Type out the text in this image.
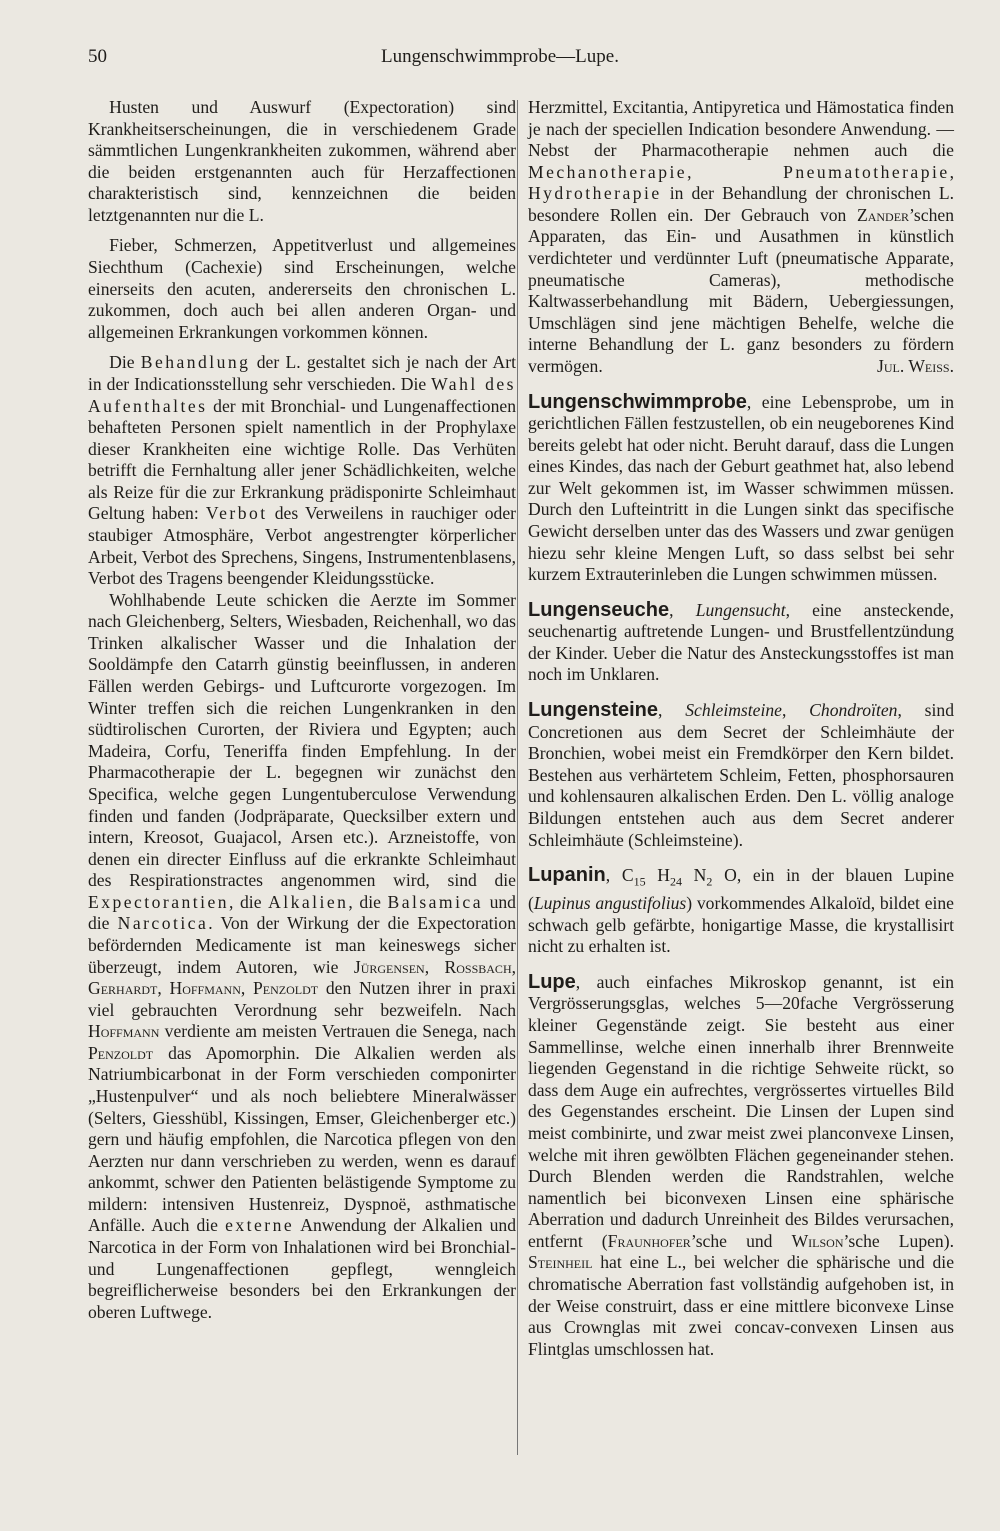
50	Lungenschwimmprobe—Lupe.

Husten und Auswurf (Expectoration) sind Krankheitserscheinungen, die in verschiedenem Grade sämmtlichen Lungenkrankheiten zukommen, während aber die beiden erstgenannten auch für Herzaffectionen charakteristisch sind, kennzeichnen die beiden letztgenannten nur die L.

Fieber, Schmerzen, Appetitverlust und allgemeines Siechthum (Cachexie) sind Erscheinungen, welche einerseits den acuten, andererseits den chronischen L. zukommen, doch auch bei allen anderen Organ- und allgemeinen Erkrankungen vorkommen können.

Die Behandlung der L. gestaltet sich je nach der Art in der Indicationsstellung sehr verschieden. Die Wahl des Aufenthaltes der mit Bronchial- und Lungenaffectionen behafteten Personen spielt namentlich in der Prophylaxe dieser Krankheiten eine wichtige Rolle. Das Verhüten betrifft die Fernhaltung aller jener Schädlichkeiten, welche als Reize für die zur Erkrankung prädisponirte Schleimhaut Geltung haben: Verbot des Verweilens in rauchiger oder staubiger Atmosphäre, Verbot angestrengter körperlicher Arbeit, Verbot des Sprechens, Singens, Instrumentenblasens, Verbot des Tragens beengender Kleidungsstücke.

Wohlhabende Leute schicken die Aerzte im Sommer nach Gleichenberg, Selters, Wiesbaden, Reichenhall, wo das Trinken alkalischer Wasser und die Inhalation der Sooldämpfe den Catarrh günstig beeinflussen, in anderen Fällen werden Gebirgs- und Luftcurorte vorgezogen. Im Winter treffen sich die reichen Lungenkranken in den südtirolischen Curorten, der Riviera und Egypten; auch Madeira, Corfu, Teneriffa finden Empfehlung. In der Pharmacotherapie der L. begegnen wir zunächst den Specifica, welche gegen Lungentuberculose Verwendung finden und fanden (Jodpräparate, Quecksilber extern und intern, Kreosot, Guajacol, Arsen etc.). Arzneistoffe, von denen ein directer Einfluss auf die erkrankte Schleimhaut des Respirationstractes angenommen wird, sind die Expectorantien, die Alkalien, die Balsamica und die Narcotica. Von der Wirkung der die Expectoration befördernden Medicamente ist man keineswegs sicher überzeugt, indem Autoren, wie Jürgensen, Rossbach, Gerhardt, Hoffmann, Penzoldt den Nutzen ihrer in praxi viel gebrauchten Verordnung sehr bezweifeln. Nach Hoffmann verdiente am meisten Vertrauen die Senega, nach Penzoldt das Apomorphin. Die Alkalien werden als Natriumbicarbonat in der Form verschieden componirter „Hustenpulver“ und als noch beliebtere Mineralwässer (Selters, Giesshübl, Kissingen, Emser, Gleichenberger etc.) gern und häufig empfohlen, die Narcotica pflegen von den Aerzten nur dann verschrieben zu werden, wenn es darauf ankommt, schwer den Patienten belästigende Symptome zu mildern: intensiven Hustenreiz, Dyspnoë, asthmatische Anfälle. Auch die externe Anwendung der Alkalien und Narcotica in der Form von Inhalationen wird bei Bronchial- und Lungenaffectionen gepflegt, wenngleich begreiflicherweise besonders bei den Erkrankungen der oberen Luftwege.

Herzmittel, Excitantia, Antipyretica und Hämostatica finden je nach der speciellen Indication besondere Anwendung. — Nebst der Pharmacotherapie nehmen auch die Mechanotherapie, Pneumatotherapie, Hydrotherapie in der Behandlung der chronischen L. besondere Rollen ein. Der Gebrauch von Zander’schen Apparaten, das Ein- und Ausathmen in künstlich verdichteter und verdünnter Luft (pneumatische Apparate, pneumatische Cameras), methodische Kaltwasserbehandlung mit Bädern, Uebergiessungen, Umschlägen sind jene mächtigen Behelfe, welche die interne Behandlung der L. ganz besonders zu fördern vermögen.	Jul. Weiss.

Lungenschwimmprobe, eine Lebensprobe, um in gerichtlichen Fällen festzustellen, ob ein neugeborenes Kind bereits gelebt hat oder nicht. Beruht darauf, dass die Lungen eines Kindes, das nach der Geburt geathmet hat, also lebend zur Welt gekommen ist, im Wasser schwimmen müssen. Durch den Lufteintritt in die Lungen sinkt das specifische Gewicht derselben unter das des Wassers und zwar genügen hiezu sehr kleine Mengen Luft, so dass selbst bei sehr kurzem Extrauterinleben die Lungen schwimmen müssen.

Lungenseuche, Lungensucht, eine ansteckende, seuchenartig auftretende Lungen- und Brustfellentzündung der Kinder. Ueber die Natur des Ansteckungsstoffes ist man noch im Unklaren.

Lungensteine, Schleimsteine, Chondroïten, sind Concretionen aus dem Secret der Schleimhäute der Bronchien, wobei meist ein Fremdkörper den Kern bildet. Bestehen aus verhärtetem Schleim, Fetten, phosphorsauren und kohlensauren alkalischen Erden. Den L. völlig analoge Bildungen entstehen auch aus dem Secret anderer Schleimhäute (Schleimsteine).

Lupanin, $C_{15}$ $H_{24}$ $N_2$ O, ein in der blauen Lupine (Lupinus angustifolius) vorkommendes Alkaloïd, bildet eine schwach gelb gefärbte, honigartige Masse, die krystallisirt nicht zu erhalten ist.

Lupe, auch einfaches Mikroskop genannt, ist ein Vergrösserungsglas, welches 5—20fache Vergrösserung kleiner Gegenstände zeigt. Sie besteht aus einer Sammellinse, welche einen innerhalb ihrer Brennweite liegenden Gegenstand in die richtige Sehweite rückt, so dass dem Auge ein aufrechtes, vergrössertes virtuelles Bild des Gegenstandes erscheint. Die Linsen der Lupen sind meist combinirte, und zwar meist zwei planconvexe Linsen, welche mit ihren gewölbten Flächen gegeneinander stehen. Durch Blenden werden die Randstrahlen, welche namentlich bei biconvexen Linsen eine sphärische Aberration und dadurch Unreinheit des Bildes verursachen, entfernt (Fraunhofer’sche und Wilson’sche Lupen). Steinheil hat eine L., bei welcher die sphärische und die chromatische Aberration fast vollständig aufgehoben ist, in der Weise construirt, dass er eine mittlere biconvexe Linse aus Crownglas mit zwei concav-convexen Linsen aus Flintglas umschlossen hat.
